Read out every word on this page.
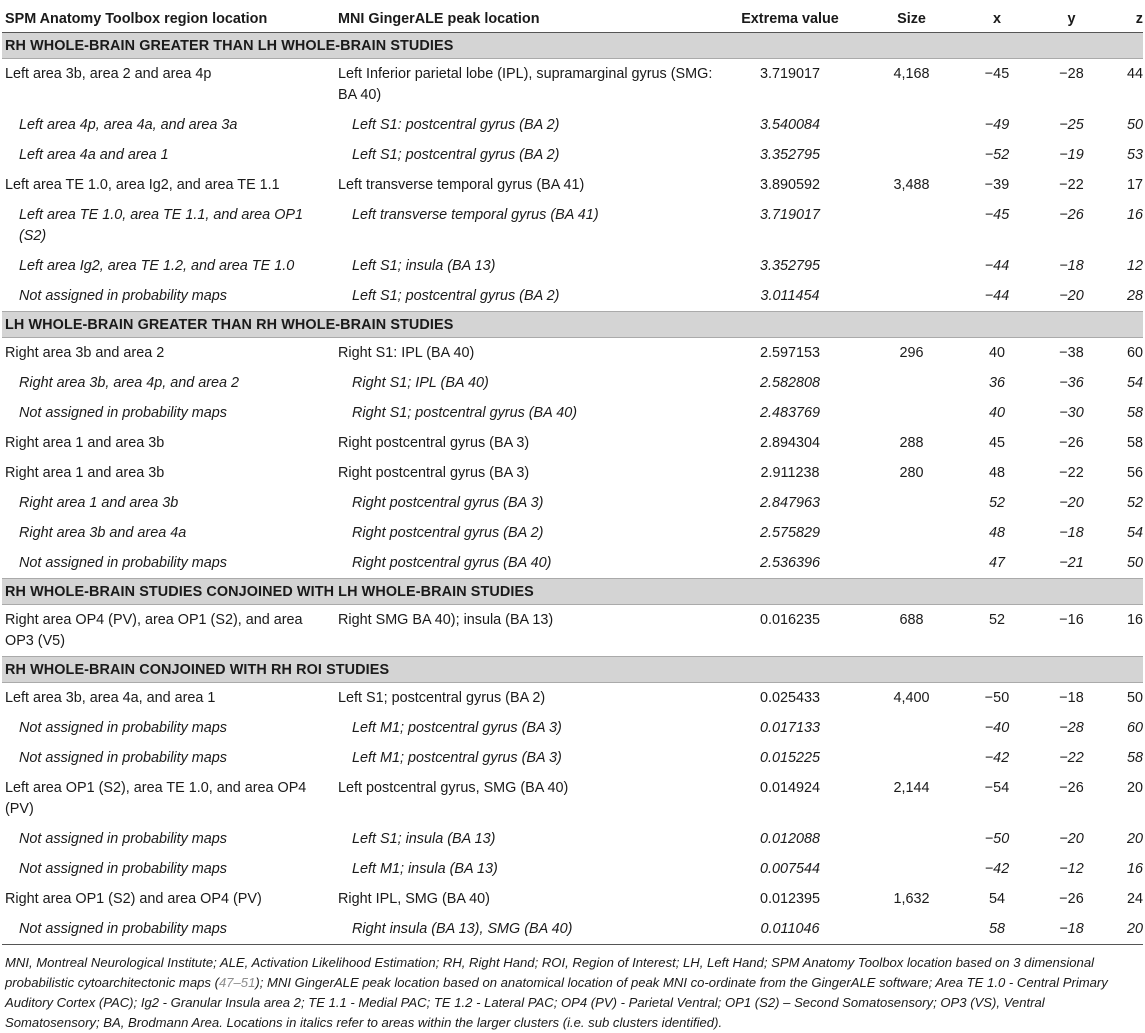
SPM Anatomy Toolbox region location	MNI GingerALE peak location	Extrema value	Size	x	y	z
RH WHOLE-BRAIN GREATER THAN LH WHOLE-BRAIN STUDIES						
Left area 3b, area 2 and area 4p	Left Inferior parietal lobe (IPL), supramarginal gyrus (SMG: BA 40)	3.719017	4,168	−45	−28	44
Left area 4p, area 4a, and area 3a	Left S1: postcentral gyrus (BA 2)	3.540084		−49	−25	50
Left area 4a and area 1	Left S1; postcentral gyrus (BA 2)	3.352795		−52	−19	53
Left area TE 1.0, area Ig2, and area TE 1.1	Left transverse temporal gyrus (BA 41)	3.890592	3,488	−39	−22	17
Left area TE 1.0, area TE 1.1, and area OP1 (S2)	Left transverse temporal gyrus (BA 41)	3.719017		−45	−26	16
Left area Ig2, area TE 1.2, and area TE 1.0	Left S1; insula (BA 13)	3.352795		−44	−18	12
Not assigned in probability maps	Left S1; postcentral gyrus (BA 2)	3.011454		−44	−20	28
LH WHOLE-BRAIN GREATER THAN RH WHOLE-BRAIN STUDIES						
Right area 3b and area 2	Right S1: IPL (BA 40)	2.597153	296	40	−38	60
Right area 3b, area 4p, and area 2	Right S1; IPL (BA 40)	2.582808		36	−36	54
Not assigned in probability maps	Right S1; postcentral gyrus (BA 40)	2.483769		40	−30	58
Right area 1 and area 3b	Right postcentral gyrus (BA 3)	2.894304	288	45	−26	58
Right area 1 and area 3b	Right postcentral gyrus (BA 3)	2.911238	280	48	−22	56
Right area 1 and area 3b	Right postcentral gyrus (BA 3)	2.847963		52	−20	52
Right area 3b and area 4a	Right postcentral gyrus (BA 2)	2.575829		48	−18	54
Not assigned in probability maps	Right postcentral gyrus (BA 40)	2.536396		47	−21	50
RH WHOLE-BRAIN STUDIES CONJOINED WITH LH WHOLE-BRAIN STUDIES						
Right area OP4 (PV), area OP1 (S2), and area OP3 (V5)	Right SMG BA 40); insula (BA 13)	0.016235	688	52	−16	16
RH WHOLE-BRAIN CONJOINED WITH RH ROI STUDIES						
Left area 3b, area 4a, and area 1	Left S1; postcentral gyrus (BA 2)	0.025433	4,400	−50	−18	50
Not assigned in probability maps	Left M1; postcentral gyrus (BA 3)	0.017133		−40	−28	60
Not assigned in probability maps	Left M1; postcentral gyrus (BA 3)	0.015225		−42	−22	58
Left area OP1 (S2), area TE 1.0, and area OP4 (PV)	Left postcentral gyrus, SMG (BA 40)	0.014924	2,144	−54	−26	20
Not assigned in probability maps	Left S1; insula (BA 13)	0.012088		−50	−20	20
Not assigned in probability maps	Left M1; insula (BA 13)	0.007544		−42	−12	16
Right area OP1 (S2) and area OP4 (PV)	Right IPL, SMG (BA 40)	0.012395	1,632	54	−26	24
Not assigned in probability maps	Right insula (BA 13), SMG (BA 40)	0.011046		58	−18	20
MNI, Montreal Neurological Institute; ALE, Activation Likelihood Estimation; RH, Right Hand; ROI, Region of Interest; LH, Left Hand; SPM Anatomy Toolbox location based on 3 dimensional probabilistic cytoarchitectonic maps (47–51); MNI GingerALE peak location based on anatomical location of peak MNI co-ordinate from the GingerALE software; Area TE 1.0 - Central Primary Auditory Cortex (PAC); Ig2 - Granular Insula area 2; TE 1.1 - Medial PAC; TE 1.2 - Lateral PAC; OP4 (PV) - Parietal Ventral; OP1 (S2) – Second Somatosensory; OP3 (VS), Ventral Somatosensory; BA, Brodmann Area. Locations in italics refer to areas within the larger clusters (i.e. sub clusters identified).
